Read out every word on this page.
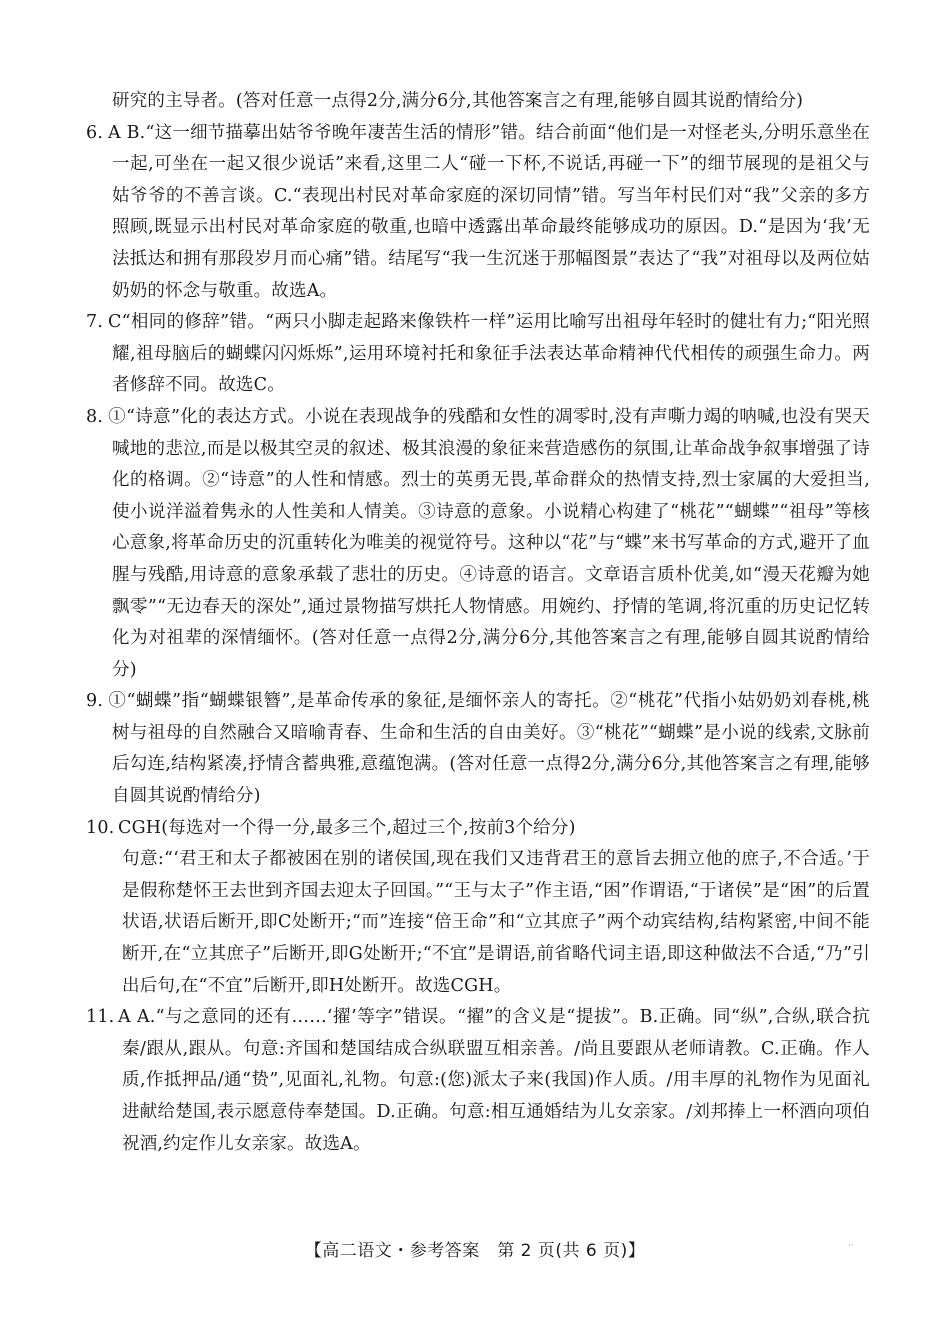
研究的主导者。(答对任意一点得2分,满分6分,其他答案言之有理,能够自圆其说酌情给分)

6. A B.“这一细节描摹出姑爷爷晚年凄苦生活的情形”错。结合前面“他们是一对怪老头,分明乐意坐在一起,可坐在一起又很少说话”来看,这里二人“碰一下杯,不说话,再碰一下”的细节展现的是祖父与姑爷爷的不善言谈。C.“表现出村民对革命家庭的深切同情”错。写当年村民们对“我”父亲的多方照顾,既显示出村民对革命家庭的敬重,也暗中透露出革命最终能够成功的原因。D.“是因为‘我’无法抵达和拥有那段岁月而心痛”错。结尾写“我一生沉迷于那幅图景”表达了“我”对祖母以及两位姑奶奶的怀念与敬重。故选A。

7. C“相同的修辞”错。“两只小脚走起路来像铁杵一样”运用比喻写出祖母年轻时的健壮有力;“阳光照耀,祖母脑后的蝴蝶闪闪烁烁”,运用环境衬托和象征手法表达革命精神代代相传的顽强生命力。两者修辞不同。故选C。

8. ①“诗意”化的表达方式。小说在表现战争的残酷和女性的凋零时,没有声嘶力竭的呐喊,也没有哭天喊地的悲泣,而是以极其空灵的叙述、极其浪漫的象征来营造感伤的氛围,让革命战争叙事增强了诗化的格调。②“诗意”的人性和情感。烈士的英勇无畏,革命群众的热情支持,烈士家属的大爱担当,使小说洋溢着隽永的人性美和人情美。③诗意的意象。小说精心构建了“桃花”“蝴蝶”“祖母”等核心意象,将革命历史的沉重转化为唯美的视觉符号。这种以“花”与“蝶”来书写革命的方式,避开了血腥与残酷,用诗意的意象承载了悲壮的历史。④诗意的语言。文章语言质朴优美,如“漫天花瓣为她飘零”“无边春天的深处”,通过景物描写烘托人物情感。用婉约、抒情的笔调,将沉重的历史记忆转化为对祖辈的深情缅怀。(答对任意一点得2分,满分6分,其他答案言之有理,能够自圆其说酌情给分)

9. ①“蝴蝶”指“蝴蝶银簪”,是革命传承的象征,是缅怀亲人的寄托。②“桃花”代指小姑奶奶刘春桃,桃树与祖母的自然融合又暗喻青春、生命和生活的自由美好。③“桃花”“蝴蝶”是小说的线索,文脉前后勾连,结构紧凑,抒情含蓄典雅,意蕴饱满。(答对任意一点得2分,满分6分,其他答案言之有理,能够自圆其说酌情给分)

10. CGH(每选对一个得一分,最多三个,超过三个,按前3个给分)

句意:“‘君王和太子都被困在别的诸侯国,现在我们又违背君王的意旨去拥立他的庶子,不合适。’于是假称楚怀王去世到齐国去迎太子回国。”“王与太子”作主语,“困”作谓语,“于诸侯”是“困”的后置状语,状语后断开,即C处断开;“而”连接“倍王命”和“立其庶子”两个动宾结构,结构紧密,中间不能断开,在“立其庶子”后断开,即G处断开;“不宜”是谓语,前省略代词主语,即这种做法不合适,“乃”引出后句,在“不宜”后断开,即H处断开。故选CGH。

11. A A.“与之意同的还有……‘擢’等字”错误。“擢”的含义是“提拔”。B.正确。同“纵”,合纵,联合抗秦/跟从,跟从。句意:齐国和楚国结成合纵联盟互相亲善。/尚且要跟从老师请教。C.正确。作人质,作抵押品/通“贽”,见面礼,礼物。句意:(您)派太子来(我国)作人质。/用丰厚的礼物作为见面礼进献给楚国,表示愿意侍奉楚国。D.正确。句意:相互通婚结为儿女亲家。/刘邦捧上一杯酒向项伯祝酒,约定作儿女亲家。故选A。

【高二语文・参考答案　第 2 页(共 6 页)】	··
